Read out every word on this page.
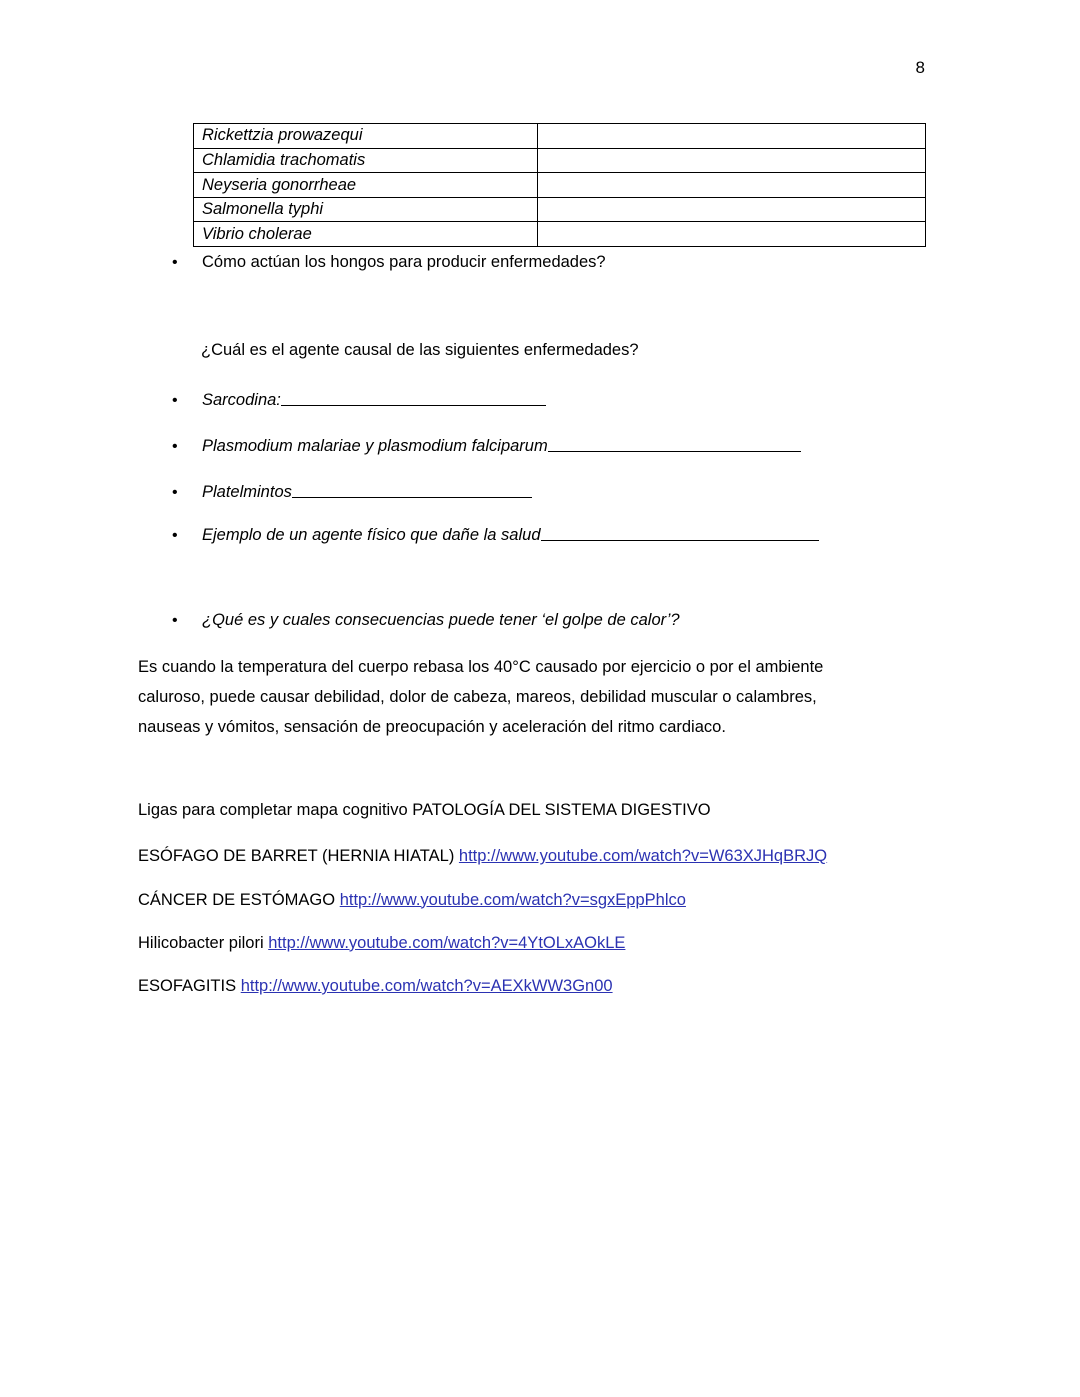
8
Rickettzia prowazequi	
Chlamidia trachomatis	
Neyseria gonorrheae	
Salmonella typhi	
Vibrio cholerae	
•
Cómo actúan los hongos para producir enfermedades?
¿Cuál es el agente causal de las siguientes enfermedades?
•
Sarcodina:
•
Plasmodium malariae y plasmodium falciparum
•
Platelmintos
•
Ejemplo de un agente físico que dañe la salud
•
¿Qué es y cuales consecuencias puede tener ‘el golpe de calor’?
Es cuando la temperatura del cuerpo rebasa los 40°C causado por ejercicio o por el ambiente caluroso, puede causar debilidad, dolor de cabeza, mareos, debilidad muscular o calambres, nauseas y vómitos, sensación de preocupación y aceleración del ritmo cardiaco.
Ligas para completar mapa cognitivo PATOLOGÍA DEL SISTEMA DIGESTIVO
ESÓFAGO DE BARRET (HERNIA HIATAL) http://www.youtube.com/watch?v=W63XJHqBRJQ
CÁNCER DE ESTÓMAGO http://www.youtube.com/watch?v=sgxEppPhlco
Hilicobacter pilori http://www.youtube.com/watch?v=4YtOLxAOkLE
ESOFAGITIS http://www.youtube.com/watch?v=AEXkWW3Gn00
